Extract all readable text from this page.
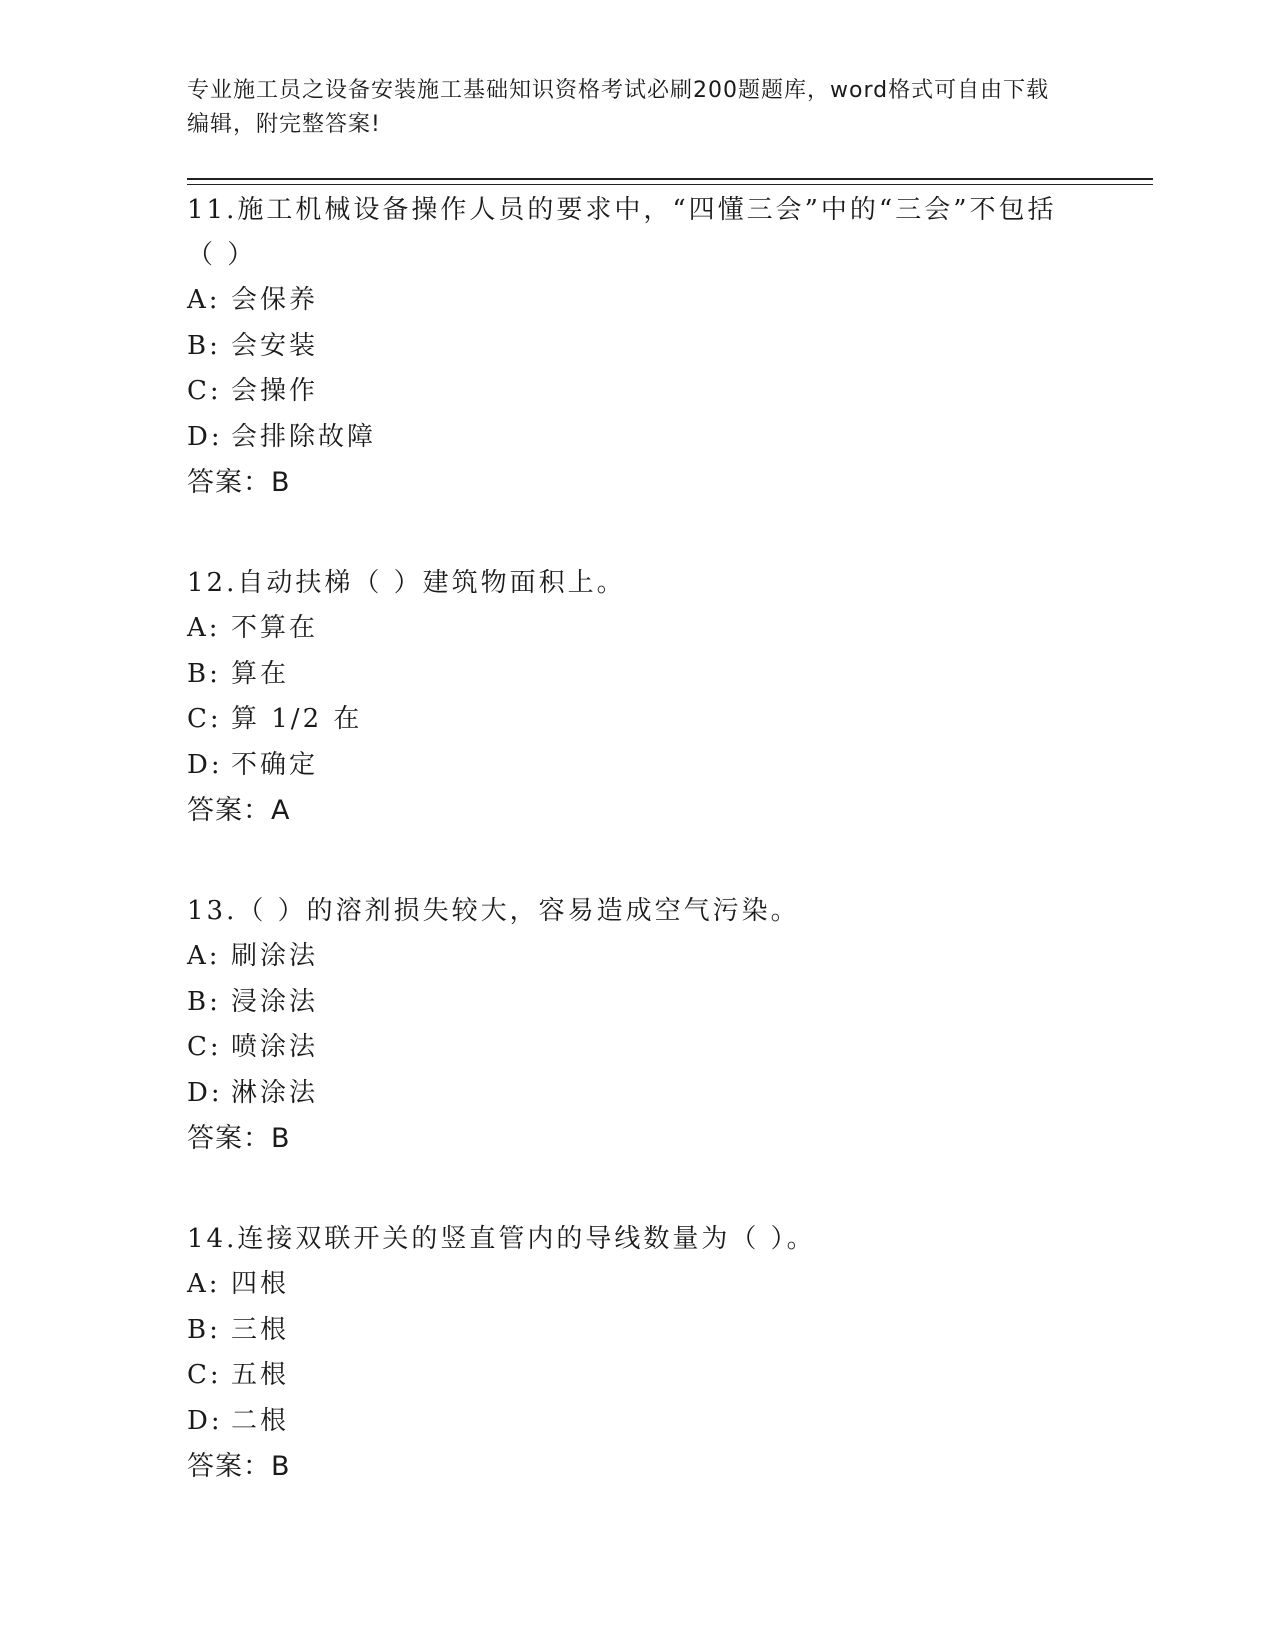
专业施工员之设备安装施工基础知识资格考试必刷200题题库，word格式可自由下载编辑，附完整答案!

11.施工机械设备操作人员的要求中，“四懂三会”中的“三会”不包括（ ）

A: 会保养

B: 会安装

C: 会操作

D: 会排除故障

答案：B

12.自动扶梯（ ）建筑物面积上。

A: 不算在

B: 算在

C: 算 1/2 在

D: 不确定

答案：A

13.（ ）的溶剂损失较大，容易造成空气污染。

A: 刷涂法

B: 浸涂法

C: 喷涂法

D: 淋涂法

答案：B

14.连接双联开关的竖直管内的导线数量为（ ）。

A: 四根

B: 三根

C: 五根

D: 二根

答案：B
